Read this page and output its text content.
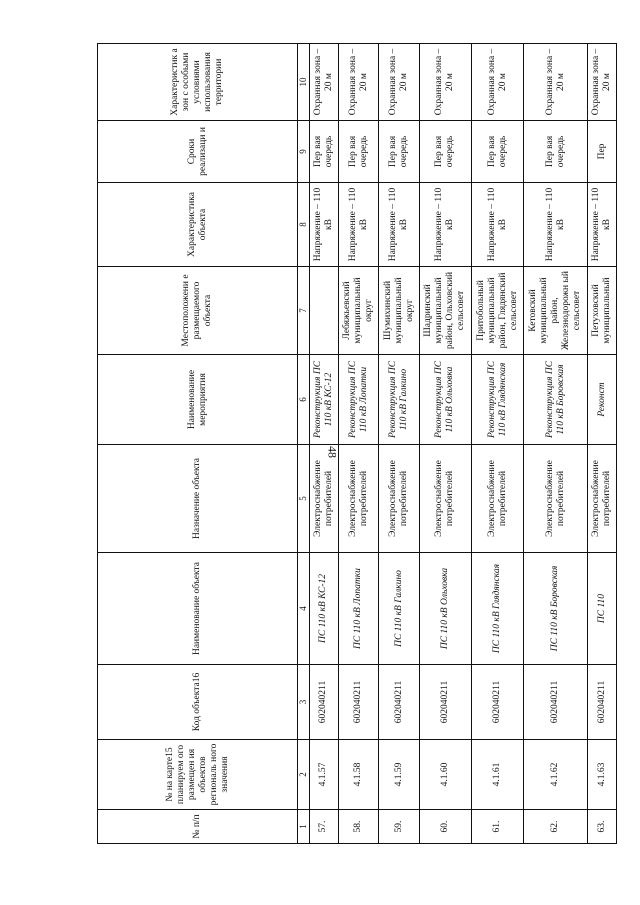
48
№ п/п	№ на карте15 планируем ого размещен ия объектов региональ ного значения	Код объекта16	Наименование объекта	Назначение объекта	Наименование мероприятия	Местоположени е размещаемого объекта	Характеристика объекта	Сроки реализаци и	Характеристик а зон с особыми условиями использования территории
1	2	3	4	5	6	7	8	9	10
57.	4.1.57	602040211	ПС 110 кВ КС-12	Электроснабжение потребителей	Реконструкция ПС 110 кВ КС-12		Напряжение – 110 кВ	Пер вая очередь	Охранная зона – 20 м
58.	4.1.58	602040211	ПС 110 кВ Лопатки	Электроснабжение потребителей	Реконструкция ПС 110 кВ Лопатки	Лебяжьевский муниципальный округ	Напряжение – 110 кВ	Пер вая очередь	Охранная зона – 20 м
59.	4.1.59	602040211	ПС 110 кВ Галкино	Электроснабжение потребителей	Реконструкция ПС 110 кВ Галкино	Шумихинский муниципальный округ	Напряжение – 110 кВ	Пер вая очередь	Охранная зона – 20 м
60.	4.1.60	602040211	ПС 110 кВ Ольховка	Электроснабжение потребителей	Реконструкция ПС 110 кВ Ольховка	Шадринский муниципальный район, Ольховский сельсовет	Напряжение – 110 кВ	Пер вая очередь	Охранная зона – 20 м
61.	4.1.61	602040211	ПС 110 кВ Глядянская	Электроснабжение потребителей	Реконструкция ПС 110 кВ Глядянская	Притобольный муниципальный район, Глядянский сельсовет	Напряжение – 110 кВ	Пер вая очередь	Охранная зона – 20 м
62.	4.1.62	602040211	ПС 110 кВ Боровская	Электроснабжение потребителей	Реконструкция ПС 110 кВ Боровская	Кетовский муниципальный район, Железнодорожн ый сельсовет	Напряжение – 110 кВ	Пер вая очередь	Охранная зона – 20 м
63.	4.1.63	602040211	ПС 110	Электроснабжение потребителей	Реконст	Петуховский муниципальный	Напряжение – 110 кВ	Пер	Охранная зона – 20 м
